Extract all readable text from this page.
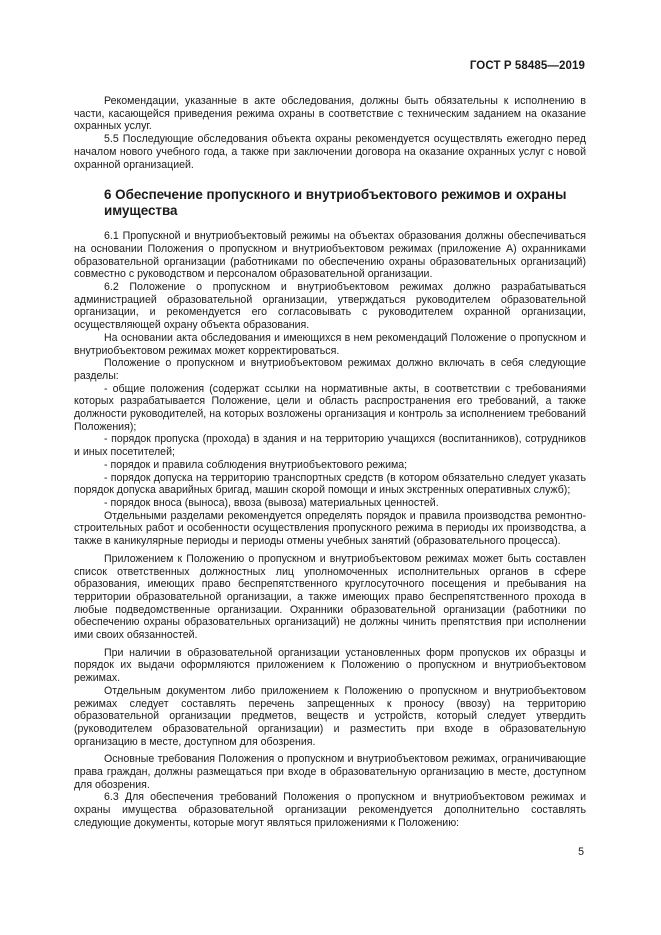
ГОСТ Р 58485—2019

Рекомендации, указанные в акте обследования, должны быть обязательны к исполнению в части, касающейся приведения режима охраны в соответствие с техническим заданием на оказание охранных услуг.

5.5 Последующие обследования объекта охраны рекомендуется осуществлять ежегодно перед началом нового учебного года, а также при заключении договора на оказание охранных услуг с новой охранной организацией.

6 Обеспечение пропускного и внутриобъектового режимов и охраны имущества

6.1 Пропускной и внутриобъектовый режимы на объектах образования должны обеспечиваться на основании Положения о пропускном и внутриобъектовом режимах (приложение А) охранниками образовательной организации (работниками по обеспечению охраны образовательных организаций) совместно с руководством и персоналом образовательной организации.

6.2 Положение о пропускном и внутриобъектовом режимах должно разрабатываться администрацией образовательной организации, утверждаться руководителем образовательной организации, и рекомендуется его согласовывать с руководителем охранной организации, осуществляющей охрану объекта образования.

На основании акта обследования и имеющихся в нем рекомендаций Положение о пропускном и внутриобъектовом режимах может корректироваться.

Положение о пропускном и внутриобъектовом режимах должно включать в себя следующие разделы:

- общие положения (содержат ссылки на нормативные акты, в соответствии с требованиями которых разрабатывается Положение, цели и область распространения его требований, а также должности руководителей, на которых возложены организация и контроль за исполнением требований Положения);

- порядок пропуска (прохода) в здания и на территорию учащихся (воспитанников), сотрудников и иных посетителей;

- порядок и правила соблюдения внутриобъектового режима;

- порядок допуска на территорию транспортных средств (в котором обязательно следует указать порядок допуска аварийных бригад, машин скорой помощи и иных экстренных оперативных служб);

- порядок вноса (выноса), ввоза (вывоза) материальных ценностей.

Отдельными разделами рекомендуется определять порядок и правила производства ремонтно-строительных работ и особенности осуществления пропускного режима в периоды их производства, а также в каникулярные периоды и периоды отмены учебных занятий (образовательного процесса).

Приложением к Положению о пропускном и внутриобъектовом режимах может быть составлен список ответственных должностных лиц уполномоченных исполнительных органов в сфере образования, имеющих право беспрепятственного круглосуточного посещения и пребывания на территории образовательной организации, а также имеющих право беспрепятственного прохода в любые подведомственные организации. Охранники образовательной организации (работники по обеспечению охраны образовательных организаций) не должны чинить препятствия при исполнении ими своих обязанностей.

При наличии в образовательной организации установленных форм пропусков их образцы и порядок их выдачи оформляются приложением к Положению о пропускном и внутриобъектовом режимах.

Отдельным документом либо приложением к Положению о пропускном и внутриобъектовом режимах следует составлять перечень запрещенных к проносу (ввозу) на территорию образовательной организации предметов, веществ и устройств, который следует утвердить (руководителем образовательной организации) и разместить при входе в образовательную организацию в месте, доступном для обозрения.

Основные требования Положения о пропускном и внутриобъектовом режимах, ограничивающие права граждан, должны размещаться при входе в образовательную организацию в месте, доступном для обозрения.

6.3 Для обеспечения требований Положения о пропускном и внутриобъектовом режимах и охраны имущества образовательной организации рекомендуется дополнительно составлять следующие документы, которые могут являться приложениями к Положению:

5
